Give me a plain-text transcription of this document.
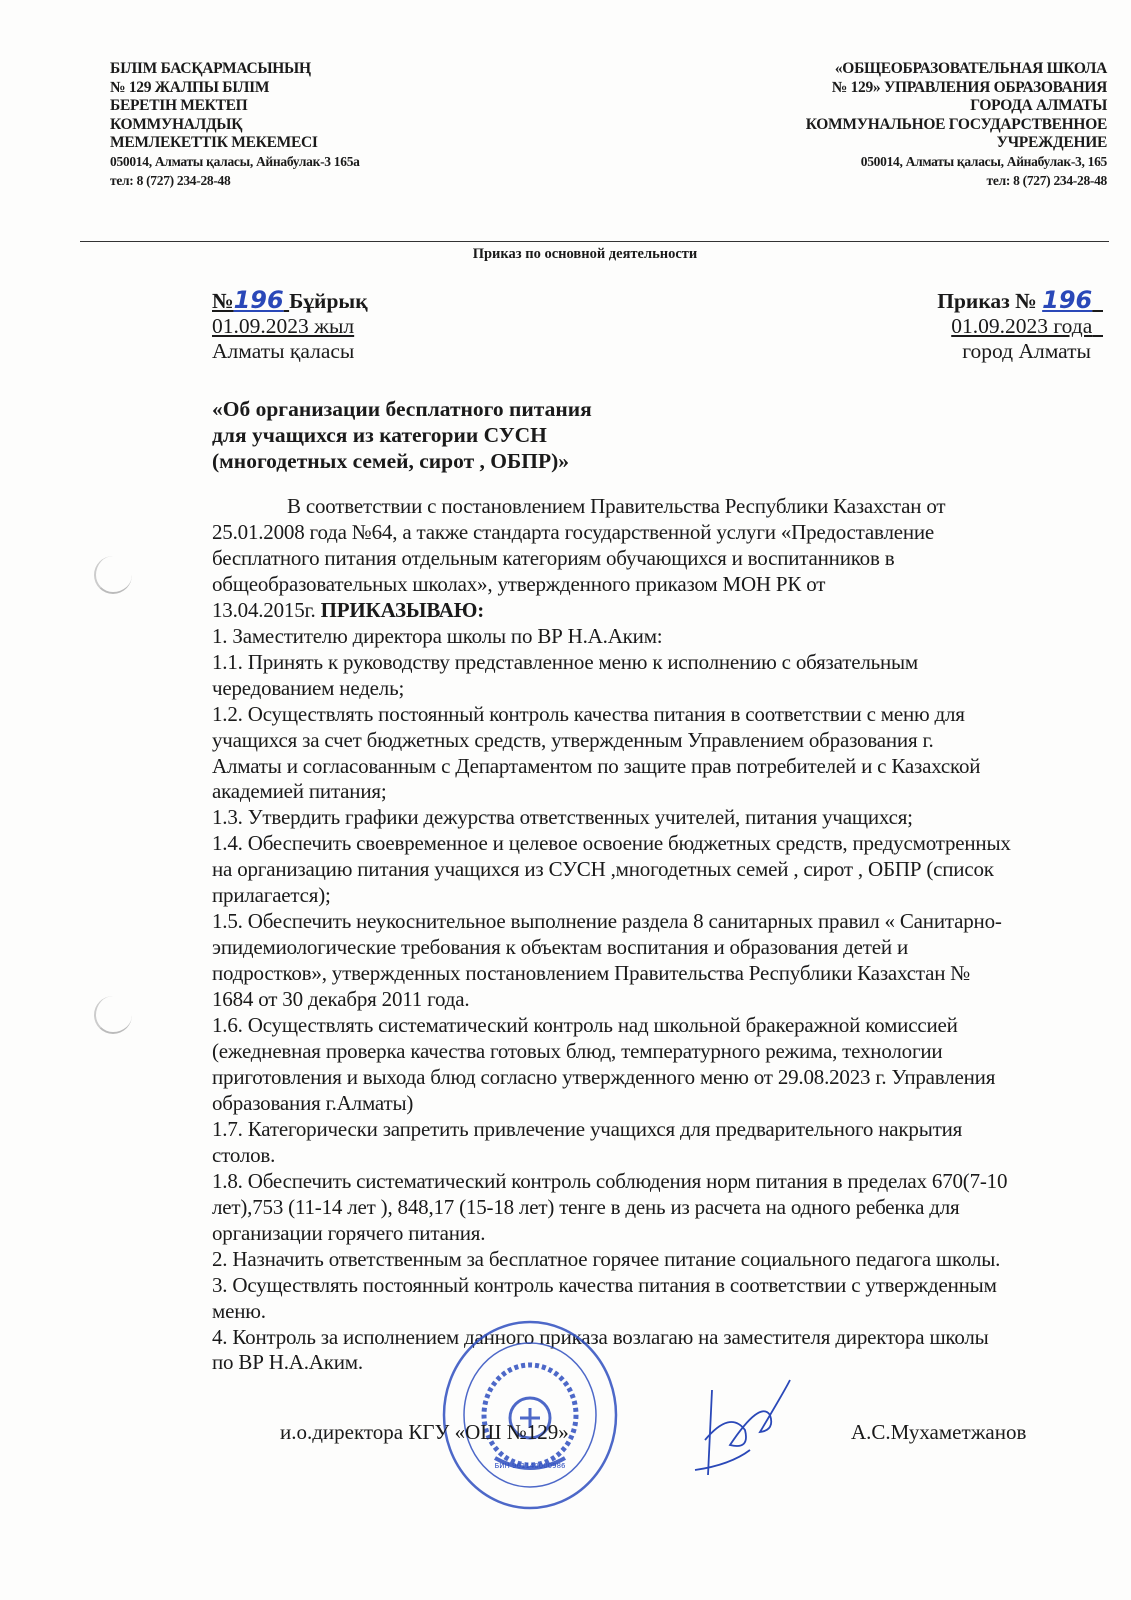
БІЛІМ БАСҚАРМАСЫНЫҢ
№ 129 ЖАЛПЫ БІЛІМ
БЕРЕТІН МЕКТЕП
КОММУНАЛДЫҚ
МЕМЛЕКЕТТІК МЕКЕМЕСІ
050014, Алматы қаласы, Айнабулак-3 165а
тел: 8 (727) 234-28-48
«ОБЩЕОБРАЗОВАТЕЛЬНАЯ ШКОЛА
№ 129» УПРАВЛЕНИЯ ОБРАЗОВАНИЯ
ГОРОДА АЛМАТЫ
КОММУНАЛЬНОЕ ГОСУДАРСТВЕННОЕ
УЧРЕЖДЕНИЕ
050014, Алматы қаласы, Айнабулак-3, 165
тел: 8 (727) 234-28-48
Приказ по основной деятельности
№196 Бұйрық
01.09.2023 жыл
Алматы қаласы
Приказ № 196
01.09.2023 года
город Алматы
«Об организации бесплатного питания
для учащихся из категории СУСН
(многодетных семей, сирот , ОБПР)»
В соответствии с постановлением Правительства Республики Казахстан от
25.01.2008 года №64, а также стандарта государственной услуги «Предоставление
бесплатного питания отдельным категориям обучающихся и воспитанников в
общеобразовательных школах», утвержденного приказом МОН РК от
13.04.2015г. ПРИКАЗЫВАЮ:
1. Заместителю директора школы по ВР Н.А.Аким:
1.1. Принять к руководству представленное меню к исполнению с обязательным
чередованием недель;
1.2. Осуществлять постоянный контроль качества питания в соответствии с меню для
учащихся за счет бюджетных средств, утвержденным Управлением образования г.
Алматы и согласованным с Департаментом по защите прав потребителей и с Казахской
академией питания;
1.3. Утвердить графики дежурства ответственных учителей, питания учащихся;
1.4. Обеспечить своевременное и целевое освоение бюджетных средств, предусмотренных
на организацию питания учащихся из СУСН ,многодетных семей , сирот , ОБПР (список
прилагается);
1.5. Обеспечить неукоснительное выполнение раздела 8 санитарных правил « Санитарно-
эпидемиологические требования к объектам воспитания и образования детей и
подростков», утвержденных постановлением Правительства Республики Казахстан №
1684 от 30 декабря 2011 года.
1.6. Осуществлять систематический контроль над школьной бракеражной комиссией
(ежедневная проверка качества готовых блюд, температурного режима, технологии
приготовления и выхода блюд согласно утвержденного меню от 29.08.2023 г. Управления
образования г.Алматы)
1.7. Категорически запретить привлечение учащихся для предварительного накрытия
столов.
1.8. Обеспечить систематический контроль соблюдения норм питания в пределах 670(7-10
лет),753 (11-14 лет ), 848,17 (15-18 лет) тенге в день из расчета на одного ребенка для
организации горячего питания.
2. Назначить ответственным за бесплатное горячее питание социального педагога школы.
3. Осуществлять постоянный контроль качества питания в соответствии с утвержденным
меню.
4. Контроль за исполнением данного приказа возлагаю на заместителя директора школы
по ВР Н.А.Аким.
БИН 961140000986
и.о.директора КГУ «ОШ №129»	А.С.Мухаметжанов
